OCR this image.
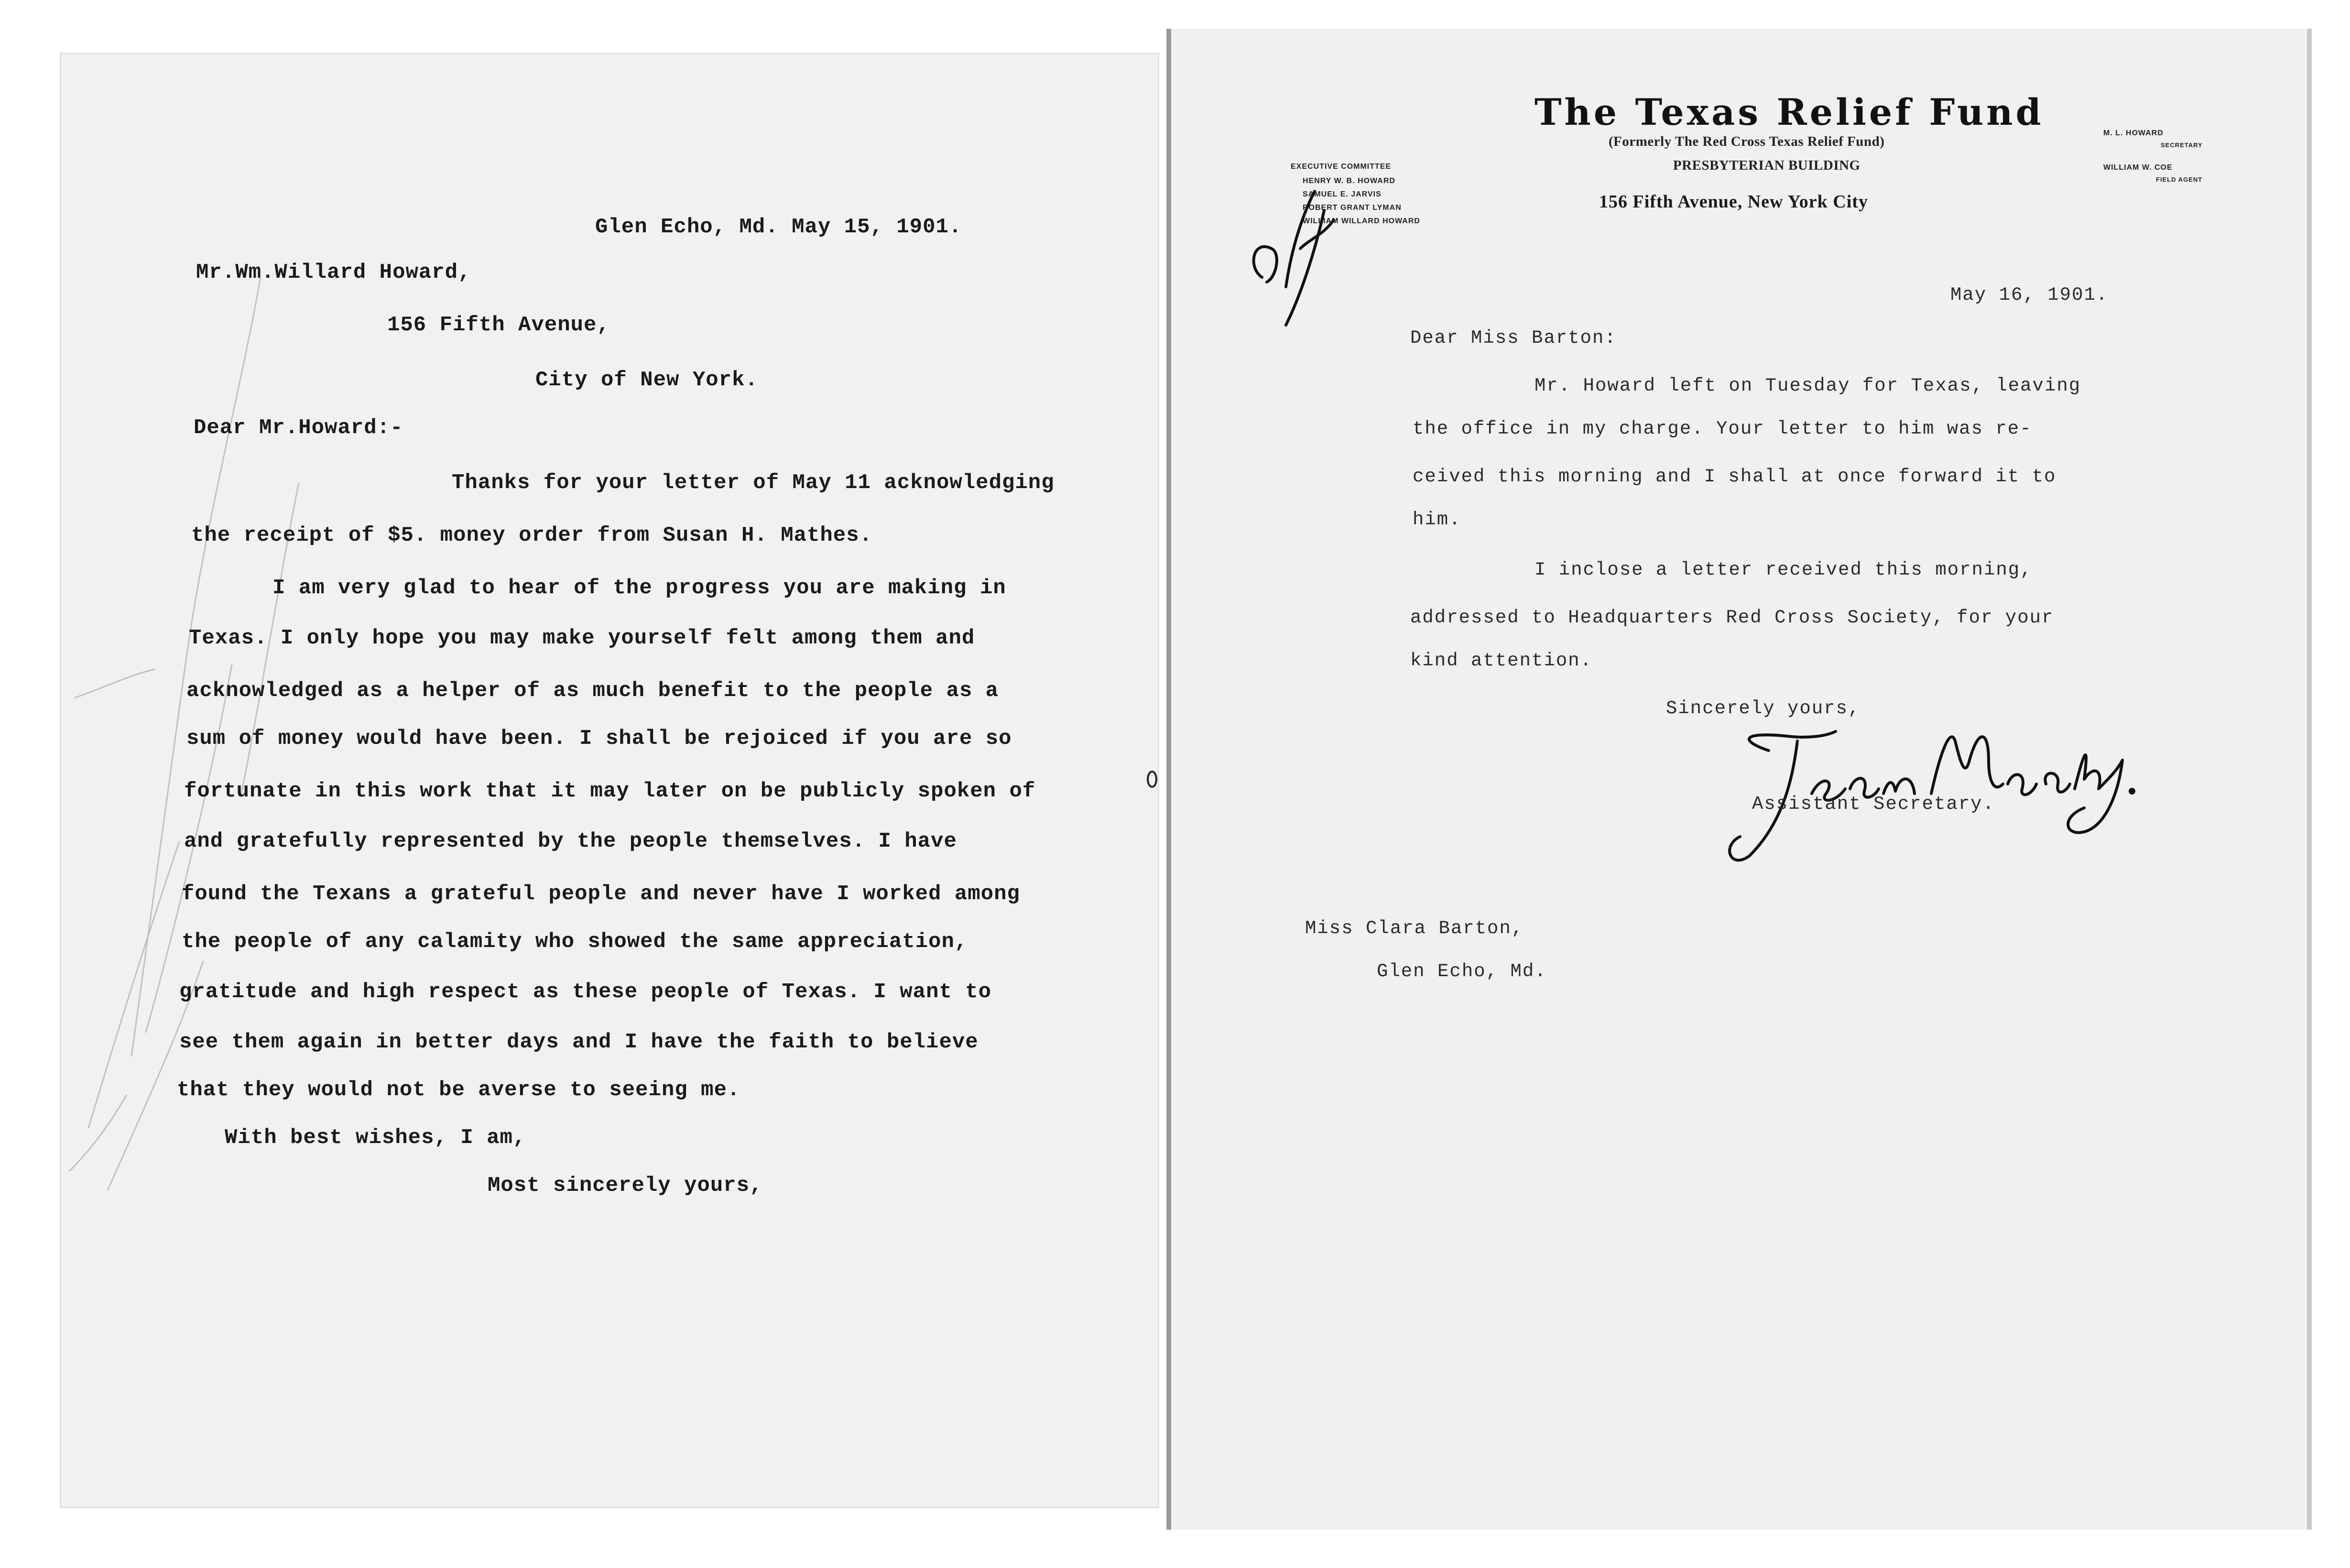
Glen Echo, Md. May 15, 1901.
Mr.Wm.Willard Howard,
156 Fifth Avenue,
City of New York.
Dear Mr.Howard:-
Thanks for your letter of May 11 acknowledging
the receipt of $5. money order from Susan H. Mathes.
I am very glad to hear of the progress you are making in
Texas. I only hope you may make yourself felt among them and
acknowledged as a helper of as much benefit to the people as a
sum of money would have been. I shall be rejoiced if you are so
fortunate in this work that it may later on be publicly spoken of
and gratefully represented by the people themselves. I have
found the Texans a grateful people and never have I worked among
the people of any calamity who showed the same appreciation,
gratitude and high respect as these people of Texas. I want to
see them again in better days and I have the faith to believe
that they would not be averse to seeing me.
With best wishes, I am,
Most sincerely yours,
EXECUTIVE COMMITTEE
HENRY W. B. HOWARD
SAMUEL E. JARVIS
ROBERT GRANT LYMAN
WILLIAM WILLARD HOWARD
The Texas Relief Fund
(Formerly The Red Cross Texas Relief Fund)
PRESBYTERIAN BUILDING
156 Fifth Avenue, New York City
M. L. HOWARD
SECRETARY
WILLIAM W. COE
FIELD AGENT
May 16, 1901.
Dear Miss Barton:
Mr. Howard left on Tuesday for Texas, leaving
the office in my charge. Your letter to him was re-
ceived this morning and I shall at once forward it to
him.
I inclose a letter received this morning,
addressed to Headquarters Red Cross Society, for your
kind attention.
Sincerely yours,
Assistant Secretary.
Miss Clara Barton,
Glen Echo, Md.
